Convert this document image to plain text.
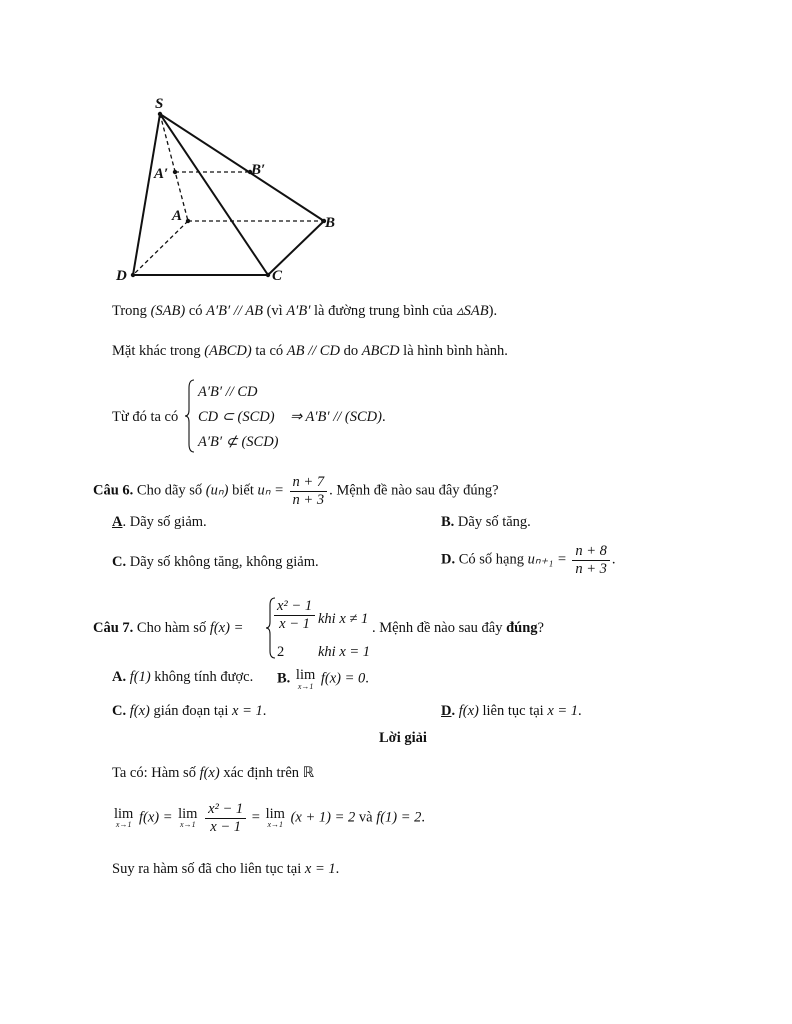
S
A′	B′
A	B
C
D
Trong (SAB) có A′B′ // AB (vì A′B′ là đường trung bình của ▵SAB).
Mặt khác trong (ABCD) ta có AB // CD do ABCD là hình bình hành.
Từ đó ta có
A′B′ // CD
CD ⊂ (SCD)
A′B′ ⊄ (SCD)
⇒ A′B′ // (SCD).
Câu 6. Cho dãy số (uₙ) biết $u_n = \frac{n + 7}{n + 3}$ . Mệnh đề nào sau đây đúng?
A. Dãy số giảm.	B. Dãy số tăng.
C. Dãy số không tăng, không giảm.	D. Có số hạng $u_{n+1} = \frac{n + 8}{n + 3}$ .
Câu 7. Cho hàm số $f(x) = \frac{\text{x² − 1}}{x - 1}$ khi x ≠ 1
2 khi x = 1
. Mệnh đề nào sau đây đúng?
A. f(1) không tính được. B. lim
x→1 f(x) = 0.
C. f(x) gián đoạn tại x = 1.	D. f(x) liên tục tại x = 1.
Lời giải
Ta có: Hàm số f(x) xác định trên ℝ
lim
x→1 f(x) = lim
x→1
$\frac{\text{x² − 1}}{x - 1} = \lim$
x→1 (x + 1) = 2 và f(1) = 2.
Suy ra hàm số đã cho liên tục tại x = 1.
